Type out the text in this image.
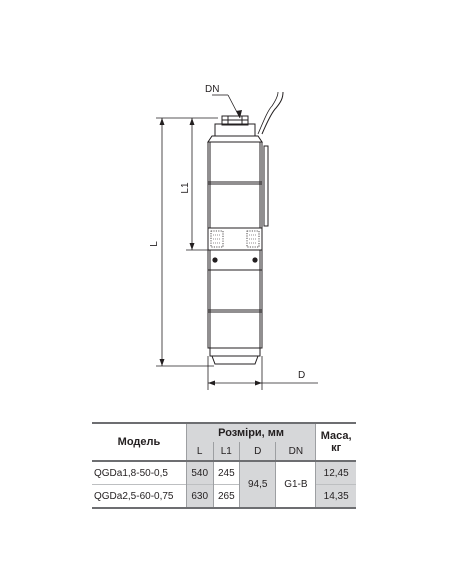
DN
L1
L
D
Модель	Розміри, мм				Маса, кг
	L	L1	D	DN	
QGDa1,8-50-0,5	540	245	94,5	G1-B	12,45
QGDa2,5-60-0,75	630	265			14,35
